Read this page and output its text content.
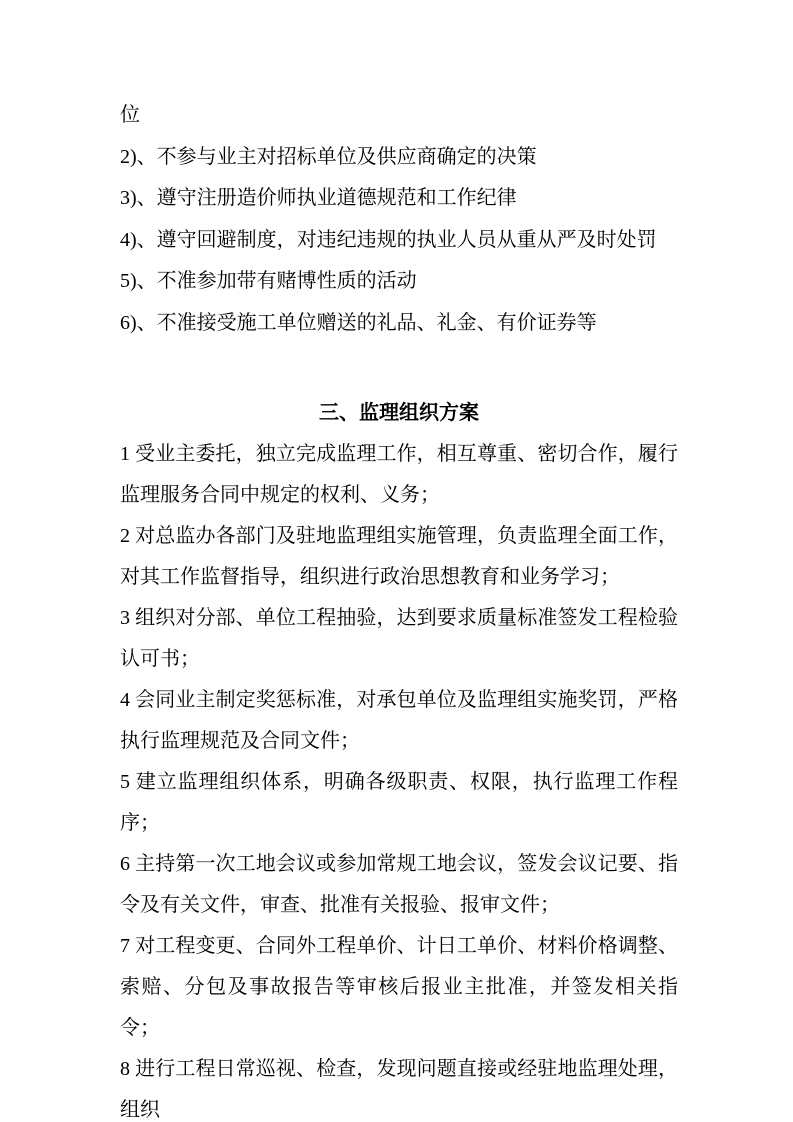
位

2)、不参与业主对招标单位及供应商确定的决策

3)、遵守注册造价师执业道德规范和工作纪律

4)、遵守回避制度，对违纪违规的执业人员从重从严及时处罚

5)、不准参加带有赌博性质的活动

6)、不准接受施工单位赠送的礼品、礼金、有价证券等

三、监理组织方案

1 受业主委托，独立完成监理工作，相互尊重、密切合作，履行监理服务合同中规定的权利、义务；

2 对总监办各部门及驻地监理组实施管理，负责监理全面工作，对其工作监督指导，组织进行政治思想教育和业务学习；

3 组织对分部、单位工程抽验，达到要求质量标准签发工程检验认可书；

4 会同业主制定奖惩标准，对承包单位及监理组实施奖罚，严格执行监理规范及合同文件；

5 建立监理组织体系，明确各级职责、权限，执行监理工作程序；

6 主持第一次工地会议或参加常规工地会议，签发会议记要、指令及有关文件，审查、批准有关报验、报审文件；

7 对工程变更、合同外工程单价、计日工单价、材料价格调整、索赔、分包及事故报告等审核后报业主批准，并签发相关指令；

8 进行工程日常巡视、检查，发现问题直接或经驻地监理处理，组织
